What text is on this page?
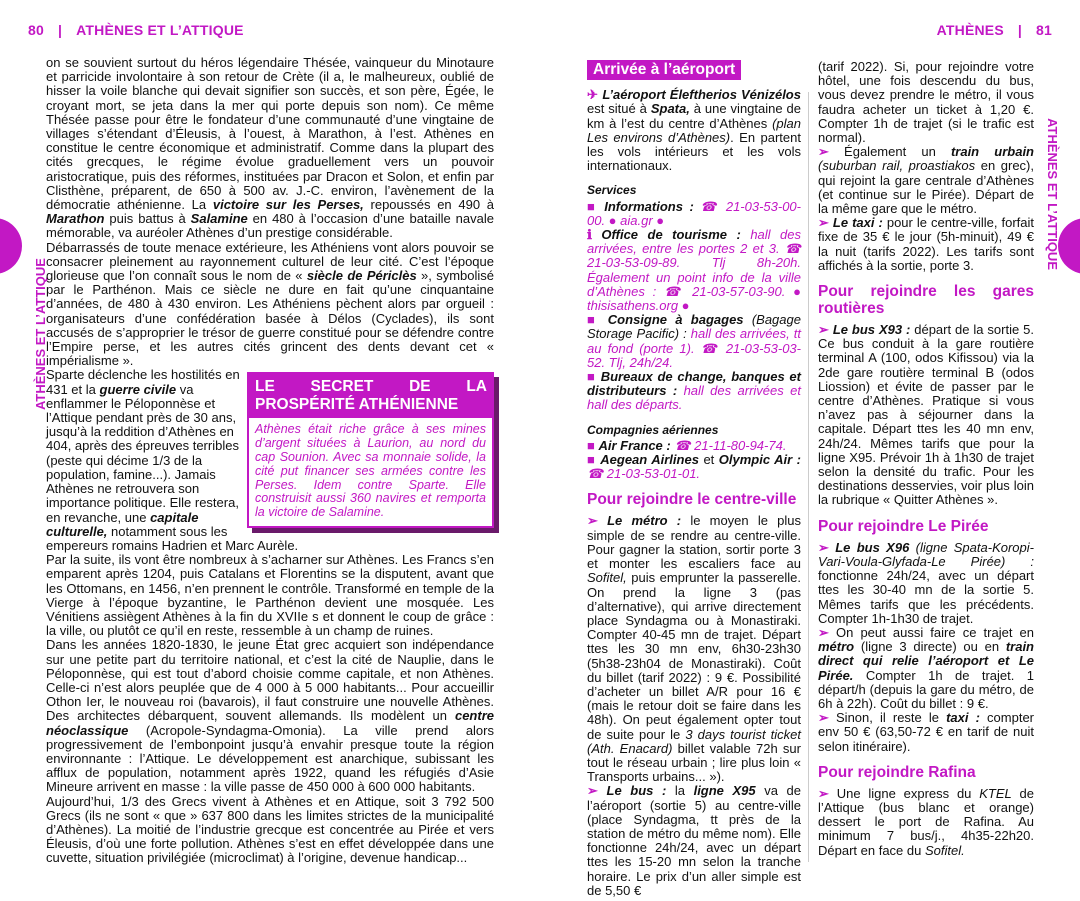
80 | ATHÈNES ET L’ATTIQUE	ATHÈNES | 81
ATHÈNES ET L’ATTIQUE
ATHÈNES ET L’ATTIQUE

on se souvient surtout du héros légendaire Thésée, vainqueur du Minotaure et parricide involontaire à son retour de Crète (il a, le malheureux, oublié de hisser la voile blanche qui devait signifier son succès, et son père, Égée, le croyant mort, se jeta dans la mer qui porte depuis son nom). Ce même Thésée passe pour être le fondateur d’une communauté d’une vingtaine de villages s’étendant d’Éleusis, à l’ouest, à Marathon, à l’est. Athènes en constitue le centre économique et administratif. Comme dans la plupart des cités grecques, le régime évolue graduellement vers un pouvoir aristocratique, puis des réformes, instituées par Dracon et Solon, et enfin par Clisthène, préparent, de 650 à 500 av. J.-C. environ, l’avènement de la démocratie athénienne. La victoire sur les Perses, repoussés en 490 à Marathon puis battus à Salamine en 480 à l’occasion d’une bataille navale mémorable, va auréoler Athènes d’un prestige considérable.

Débarrassés de toute menace extérieure, les Athéniens vont alors pouvoir se consacrer pleinement au rayonnement culturel de leur cité. C’est l’époque glorieuse que l’on connaît sous le nom de « siècle de Périclès », symbolisé par le Parthénon. Mais ce siècle ne dure en fait qu’une cinquantaine d’années, de 480 à 430 environ. Les Athéniens pèchent alors par orgueil : organisateurs d’une confédération basée à Délos (Cyclades), ils sont accusés de s’approprier le trésor de guerre constitué pour se défendre contre l’Empire perse, et les autres cités grincent des dents devant cet « impérialisme ».

LE SECRET DE LA PROSPÉRITÉ ATHÉNIENNE
Athènes était riche grâce à ses mines d’argent situées à Laurion, au nord du cap Sounion. Avec sa monnaie solide, la cité put financer ses armées contre les Perses. Idem contre Sparte. Elle construisit aussi 360 navires et remporta la victoire de Salamine.

Sparte déclenche les hostilités en 431 et la guerre civile va enflammer le Péloponnèse et l’Attique pendant près de 30 ans, jusqu’à la reddition d’Athènes en 404, après des épreuves terribles (peste qui décime 1/3 de la population, famine...). Jamais Athènes ne retrouvera son importance politique. Elle restera, en revanche, une capitale culturelle, notamment sous les empereurs romains Hadrien et Marc Aurèle.

Par la suite, ils vont être nombreux à s’acharner sur Athènes. Les Francs s’en emparent après 1204, puis Catalans et Florentins se la disputent, avant que les Ottomans, en 1456, n’en prennent le contrôle. Transformé en temple de la Vierge à l’époque byzantine, le Parthénon devient une mosquée. Les Vénitiens assiègent Athènes à la fin du XVIIe s et donnent le coup de grâce : la ville, ou plutôt ce qu’il en reste, ressemble à un champ de ruines.

Dans les années 1820-1830, le jeune État grec acquiert son indépendance sur une petite part du territoire national, et c’est la cité de Nauplie, dans le Péloponnèse, qui est tout d’abord choisie comme capitale, et non Athènes. Celle-ci n’est alors peuplée que de 4 000 à 5 000 habitants... Pour accueillir Othon Ier, le nouveau roi (bavarois), il faut construire une nouvelle Athènes. Des architectes débarquent, souvent allemands. Ils modèlent un centre néoclassique (Acropole-Syndagma-Omonia). La ville prend alors progressivement de l’embonpoint jusqu’à envahir presque toute la région environnante : l’Attique. Le développement est anarchique, subissant les afflux de population, notamment après 1922, quand les réfugiés d’Asie Mineure arrivent en masse : la ville passe de 450 000 à 600 000 habitants.

Aujourd’hui, 1/3 des Grecs vivent à Athènes et en Attique, soit 3 792 500 Grecs (ils ne sont « que » 637 800 dans les limites strictes de la municipalité d’Athènes). La moitié de l’industrie grecque est concentrée au Pirée et vers Éleusis, d’où une forte pollution. Athènes s’est en effet développée dans une cuvette, situation privilégiée (microclimat) à l’origine, devenue handicap...

Arrivée à l’aéroport

✈ L’aéroport Éleftherios Vénizélos est situé à Spata, à une vingtaine de km à l’est du centre d’Athènes (plan Les environs d’Athènes). En partent les vols intérieurs et les vols internationaux.

Services

■ Informations : ☎ 21-03-53-00-00. ● aia.gr ●

ℹ Office de tourisme : hall des arrivées, entre les portes 2 et 3. ☎ 21-03-53-09-89. Tlj 8h-20h. Également un point info de la ville d’Athènes : ☎ 21-03-57-03-90. ● thisisathens.org ●

■ Consigne à bagages (Bagage Storage Pacific) : hall des arrivées, tt au fond (porte 1). ☎ 21-03-53-03-52. Tlj, 24h/24.

■ Bureaux de change, banques et distributeurs : hall des arrivées et hall des départs.

Compagnies aériennes

■ Air France : ☎ 21-11-80-94-74.

■ Aegean Airlines et Olympic Air : ☎ 21-03-53-01-01.

Pour rejoindre le centre-ville

➢ Le métro : le moyen le plus simple de se rendre au centre-ville. Pour gagner la station, sortir porte 3 et monter les escaliers face au Sofitel, puis emprunter la passerelle. On prend la ligne 3 (pas d’alternative), qui arrive directement place Syndagma ou à Monastiraki. Compter 40-45 mn de trajet. Départ ttes les 30 mn env, 6h30-23h30 (5h38-23h04 de Monastiraki). Coût du billet (tarif 2022) : 9 €. Possibilité d’acheter un billet A/R pour 16 € (mais le retour doit se faire dans les 48h). On peut également opter tout de suite pour le 3 days tourist ticket (Ath. Enacard) billet valable 72h sur tout le réseau urbain ; lire plus loin « Transports urbains... »).

➢ Le bus : la ligne X95 va de l’aéroport (sortie 5) au centre-ville (place Syndagma, tt près de la station de métro du même nom). Elle fonctionne 24h/24, avec un départ ttes les 15-20 mn selon la tranche horaire. Le prix d’un aller simple est de 5,50 €

(tarif 2022). Si, pour rejoindre votre hôtel, une fois descendu du bus, vous devez prendre le métro, il vous faudra acheter un ticket à 1,20 €. Compter 1h de trajet (si le trafic est normal).

➢ Également un train urbain (suburban rail, proastiakos en grec), qui rejoint la gare centrale d’Athènes (et continue sur le Pirée). Départ de la même gare que le métro.

➢ Le taxi : pour le centre-ville, forfait fixe de 35 € le jour (5h-minuit), 49 € la nuit (tarifs 2022). Les tarifs sont affichés à la sortie, porte 3.

Pour rejoindre les gares routières

➢ Le bus X93 : départ de la sortie 5. Ce bus conduit à la gare routière terminal A (100, odos Kifissou) via la 2de gare routière terminal B (odos Liossion) et évite de passer par le centre d’Athènes. Pratique si vous n’avez pas à séjourner dans la capitale. Départ ttes les 40 mn env, 24h/24. Mêmes tarifs que pour la ligne X95. Prévoir 1h à 1h30 de trajet selon la densité du trafic. Pour les destinations desservies, voir plus loin la rubrique « Quitter Athènes ».

Pour rejoindre Le Pirée

➢ Le bus X96 (ligne Spata-Koropi-Vari-Voula-Glyfada-Le Pirée) : fonctionne 24h/24, avec un départ ttes les 30-40 mn de la sortie 5. Mêmes tarifs que les précédents. Compter 1h-1h30 de trajet.

➢ On peut aussi faire ce trajet en métro (ligne 3 directe) ou en train direct qui relie l’aéroport et Le Pirée. Compter 1h de trajet. 1 départ/h (depuis la gare du métro, de 6h à 22h). Coût du billet : 9 €.

➢ Sinon, il reste le taxi : compter env 50 € (63,50-72 € en tarif de nuit selon itinéraire).

Pour rejoindre Rafina

➢ Une ligne express du KTEL de l’Attique (bus blanc et orange) dessert le port de Rafina. Au minimum 7 bus/j., 4h35-22h20. Départ en face du Sofitel.
